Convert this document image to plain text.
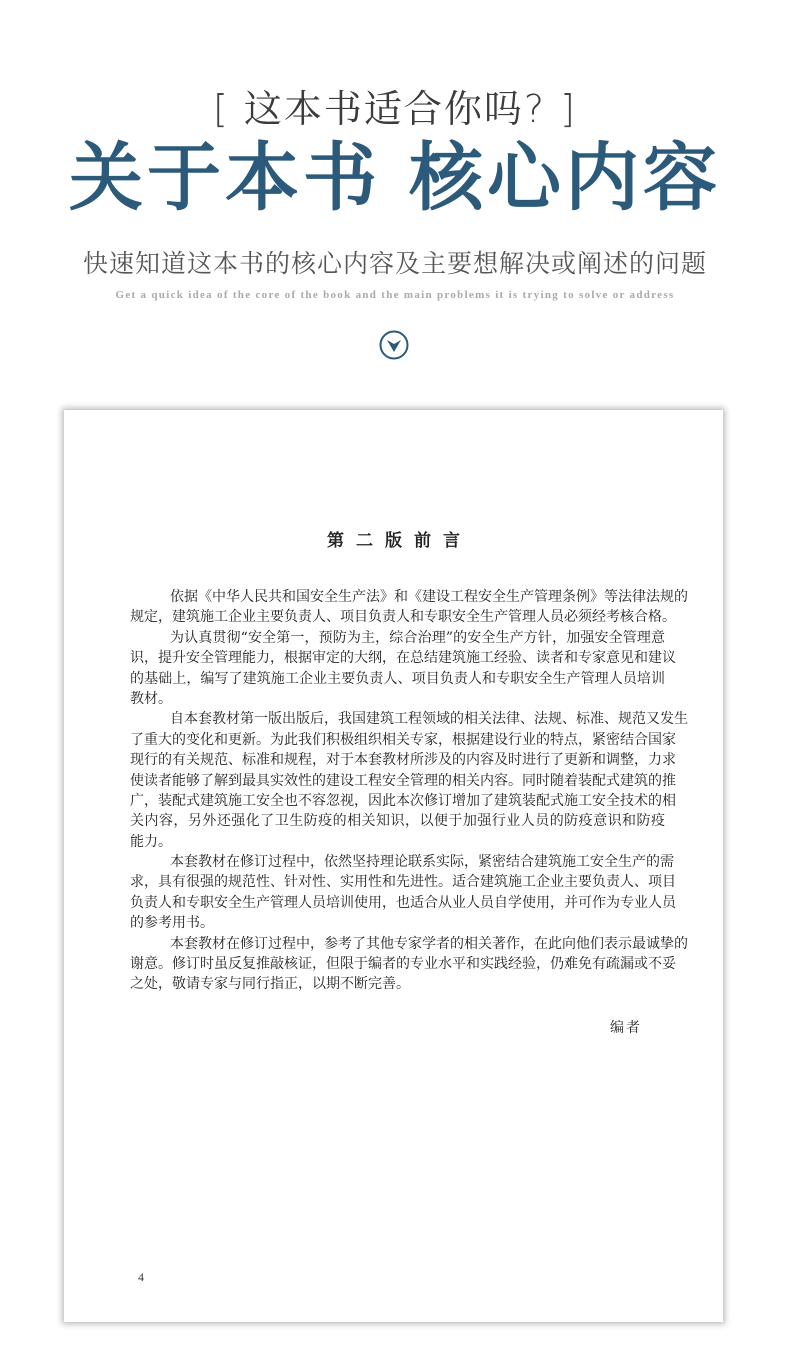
[ 这本书适合你吗? ]
关于本书 核心内容
快速知道这本书的核心内容及主要想解决或阐述的问题
Get a quick idea of the core of the book and the main problems it is trying to solve or address
第二版前言
依据《中华人民共和国安全生产法》和《建设工程安全生产管理条例》等法律法规的
规定，建筑施工企业主要负责人、项目负责人和专职安全生产管理人员必须经考核合格。
为认真贯彻“安全第一，预防为主，综合治理”的安全生产方针，加强安全管理意
识，提升安全管理能力，根据审定的大纲，在总结建筑施工经验、读者和专家意见和建议
的基础上，编写了建筑施工企业主要负责人、项目负责人和专职安全生产管理人员培训
教材。
自本套教材第一版出版后，我国建筑工程领域的相关法律、法规、标准、规范又发生
了重大的变化和更新。为此我们积极组织相关专家，根据建设行业的特点，紧密结合国家
现行的有关规范、标准和规程，对于本套教材所涉及的内容及时进行了更新和调整，力求
使读者能够了解到最具实效性的建设工程安全管理的相关内容。同时随着装配式建筑的推
广，装配式建筑施工安全也不容忽视，因此本次修订增加了建筑装配式施工安全技术的相
关内容，另外还强化了卫生防疫的相关知识，以便于加强行业人员的防疫意识和防疫
能力。
本套教材在修订过程中，依然坚持理论联系实际，紧密结合建筑施工安全生产的需
求，具有很强的规范性、针对性、实用性和先进性。适合建筑施工企业主要负责人、项目
负责人和专职安全生产管理人员培训使用，也适合从业人员自学使用，并可作为专业人员
的参考用书。
本套教材在修订过程中，参考了其他专家学者的相关著作，在此向他们表示最诚挚的
谢意。修订时虽反复推敲核证，但限于编者的专业水平和实践经验，仍难免有疏漏或不妥
之处，敬请专家与同行指正，以期不断完善。
编者
4
